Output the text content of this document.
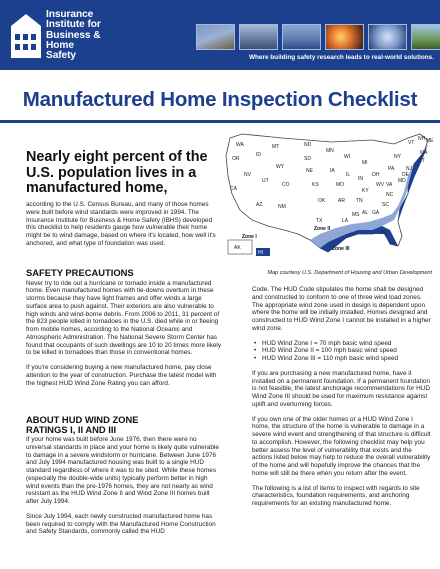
Insurance
Institute for
Business &
Home
Safety	Where building safety research leads to real-world solutions.
Manufactured Home Inspection Checklist
Nearly eight percent of the U.S. population lives in a manufactured home,
according to the U.S. Census Bureau, and many of those homes were built before wind standards were improved in 1994. The Insurance Institute for Business & Home Safety (IBHS) developed this checklist to help residents gauge how vulnerable their home might be to wind damage, based on where it's located, how well it's anchored, and what type of foundation was used.
SAFETY PRECAUTIONS

Never try to ride out a hurricane or tornado inside a manufactured home. Even manufactured homes with tie-downs overturn in these storms because they have light frames and offer winds a large surface area to push against. Their exteriors are also vulnerable to high winds and wind-borne debris. From 2006 to 2011, 31 percent of the 823 people killed in tornadoes in the U.S. died while in or fleeing from mobile homes, according to the National Oceanic and Atmospheric Administration. The National Severe Storm Center has found that occupants of such dwellings are 10 to 20 times more likely to be killed in tornadoes than those in conventional homes.

If you're considering buying a new manufactured home, pay close attention to the year of construction. Purchase the latest model with the highest HUD Wind Zone Rating you can afford.

ABOUT HUD WIND ZONE
RATINGS I, II AND III

If your home was built before June 1976, then there were no universal standards in place and your home is likely quite vulnerable to damage in a severe windstorm or hurricane. Between June 1976 and July 1994 manufactured housing was built to a single HUD standard regardless of where it was to be sited. While these homes (especially the double-wide units) typically perform better in high wind events than the pre-1976 homes, they are not nearly as wind resistant as the HUD Wind Zone II and Wind Zone III homes built after July 1994.

Since July 1994, each newly constructed manufactured home has been required to comply with the Manufactured Home Construction and Safety Standards, commonly called the HUD

WA
OR
CA
NV
ID
MT
WY
UT
AZ
CO
NM
ND
SD
NE
KS
OK
TX
MN
IA
MO
AR
LA
WI
IL
MS
MI
IN
KY
TN
AL
OH
GA
FL
SC
NC
VA
WV
PA
NY
VT
NH ME
MA
CT
NJ
DE
MD
AK
HI
Zone I
Zone II
Zone III
Map courtesy U.S. Department of Housing and Urban Development

Code. The HUD Code stipulates the home shall be designed and constructed to conform to one of three wind load zones. The appropriate wind zone used in design is dependent upon where the home will be initially installed. Homes designed and constructed to HUD Wind Zone I cannot be installed in a higher wind zone.

• HUD Wind Zone I = 70 mph basic wind speed
• HUD Wind Zone II = 100 mph basic wind speed
• HUD Wind Zone III = 110 mph basic wind speed

If you are purchasing a new manufactured home, have it installed on a permanent foundation. If a permanent foundation is not feasible, the latest anchorage recommendations for HUD Wind Zone III should be used for maximum resistance against uplift and overturning forces.

If you own one of the older homes or a HUD Wind Zone I home, the structure of the home is vulnerable to damage in a severe wind event and strengthening of that structure is difficult to accomplish. However, the following checklist may help you better assess the level of vulnerability that exists and the actions listed below may help to reduce the overall vulnerability of the home and will hopefully improve the chances that the home will still be there when you return after the event.

The following is a list of items to inspect with regards to site characteristics, foundation requirements, and anchoring requirements for an existing manufactured home.
